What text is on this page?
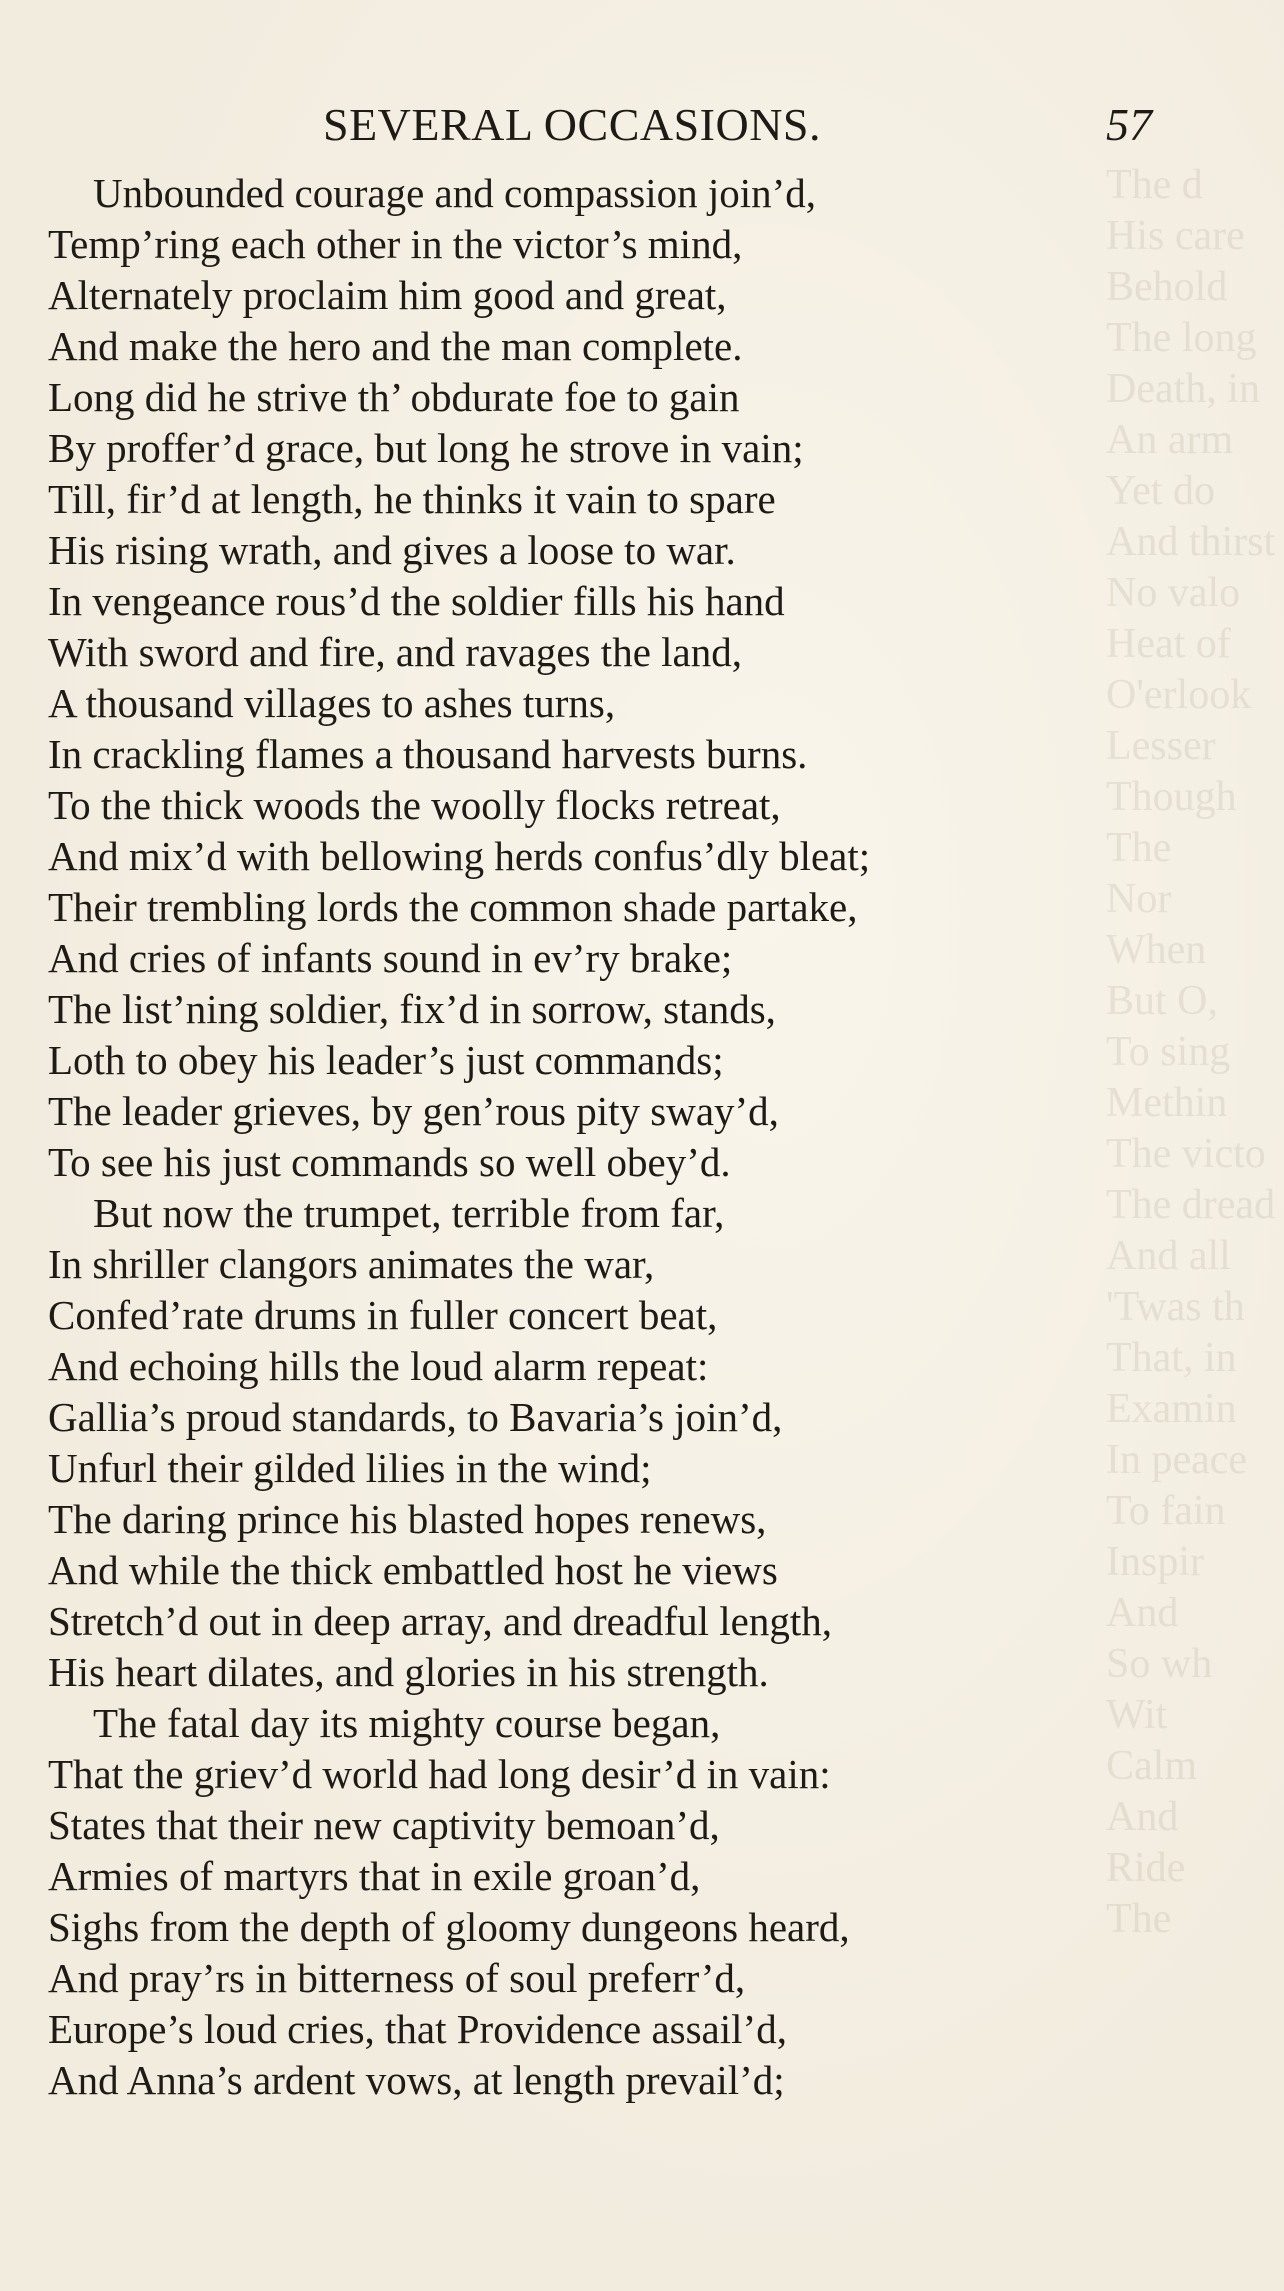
The d
His care
Behold
The long
Death, in
An arm
Yet do
And thirst
No valo
Heat of
O'erlook
Lesser
Though
The
Nor
When
But O,
To sing
Methin
The victo
The dread
And all
'Twas th
That, in
Examin
In peace
To fain
Inspir
And
So wh
Wit
Calm
And
Ride
The
SEVERAL OCCASIONS.	57
Unbounded courage and compassion join’d,
Temp’ring each other in the victor’s mind,
Alternately proclaim him good and great,
And make the hero and the man complete.
Long did he strive th’ obdurate foe to gain
By proffer’d grace, but long he strove in vain;
Till, fir’d at length, he thinks it vain to spare
His rising wrath, and gives a loose to war.
In vengeance rous’d the soldier fills his hand
With sword and fire, and ravages the land,
A thousand villages to ashes turns,
In crackling flames a thousand harvests burns.
To the thick woods the woolly flocks retreat,
And mix’d with bellowing herds confus’dly bleat;
Their trembling lords the common shade partake,
And cries of infants sound in ev’ry brake;
The list’ning soldier, fix’d in sorrow, stands,
Loth to obey his leader’s just commands;
The leader grieves, by gen’rous pity sway’d,
To see his just commands so well obey’d.
But now the trumpet, terrible from far,
In shriller clangors animates the war,
Confed’rate drums in fuller concert beat,
And echoing hills the loud alarm repeat:
Gallia’s proud standards, to Bavaria’s join’d,
Unfurl their gilded lilies in the wind;
The daring prince his blasted hopes renews,
And while the thick embattled host he views
Stretch’d out in deep array, and dreadful length,
His heart dilates, and glories in his strength.
The fatal day its mighty course began,
That the griev’d world had long desir’d in vain:
States that their new captivity bemoan’d,
Armies of martyrs that in exile groan’d,
Sighs from the depth of gloomy dungeons heard,
And pray’rs in bitterness of soul preferr’d,
Europe’s loud cries, that Providence assail’d,
And Anna’s ardent vows, at length prevail’d;
